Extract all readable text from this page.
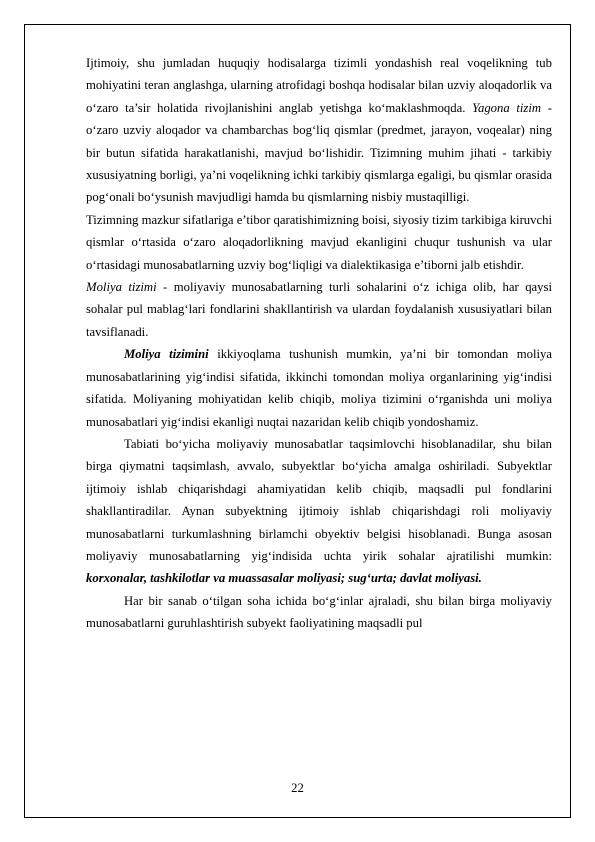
Ijtimoiy, shu jumladan huquqiy hodisalarga tizimli yondashish real voqelikning tub mohiyatini teran anglashga, ularning atrofidagi boshqa hodisalar bilan uzviy aloqadorlik va o‘zaro ta’sir holatida rivojlanishini anglab yetishga ko‘maklashmoqda. Yagona tizim - o‘zaro uzviy aloqador va chambarchas bog‘liq qismlar (predmet, jarayon, voqealar) ning bir butun sifatida harakatlanishi, mavjud bo‘lishidir. Tizimning muhim jihati - tarkibiy xususiyatning borligi, ya’ni voqelikning ichki tarkibiy qismlarga egaligi, bu qismlar orasida pog‘onali bo‘ysunish mavjudligi hamda bu qismlarning nisbiy mustaqilligi.

Tizimning mazkur sifatlariga e’tibor qaratishimizning boisi, siyosiy tizim tarkibiga kiruvchi qismlar o‘rtasida o‘zaro aloqadorlikning mavjud ekanligini chuqur tushunish va ular o‘rtasidagi munosabatlarning uzviy bog‘liqligi va dialektikasiga e’tiborni jalb etishdir.

Moliya tizimi - moliyaviy munosabatlarning turli sohalarini o‘z ichiga olib, har qaysi sohalar pul mablag‘lari fondlarini shakllantirish va ulardan foydalanish xususiyatlari bilan tavsiflanadi.

Moliya tizimini ikkiyoqlama tushunish mumkin, ya’ni bir tomondan moliya munosabatlarining yig‘indisi sifatida, ikkinchi tomondan moliya organlarining yig‘indisi sifatida. Moliyaning mohiyatidan kelib chiqib, moliya tizimini o‘rganishda uni moliya munosabatlari yig‘indisi ekanligi nuqtai nazaridan kelib chiqib yondoshamiz.

Tabiati bo‘yicha moliyaviy munosabatlar taqsimlovchi hisoblanadilar, shu bilan birga qiymatni taqsimlash, avvalo, subyektlar bo‘yicha amalga oshiriladi. Subyektlar ijtimoiy ishlab chiqarishdagi ahamiyatidan kelib chiqib, maqsadli pul fondlarini shakllantiradilar. Aynan subyektning ijtimoiy ishlab chiqarishdagi roli moliyaviy munosabatlarni turkumlashning birlamchi obyektiv belgisi hisoblanadi. Bunga asosan moliyaviy munosabatlarning yig‘indisida uchta yirik sohalar ajratilishi mumkin: korxonalar, tashkilotlar va muassasalar moliyasi; sug‘urta; davlat moliyasi.

Har bir sanab o‘tilgan soha ichida bo‘g‘inlar ajraladi, shu bilan birga moliyaviy munosabatlarni guruhlashtirish subyekt faoliyatining maqsadli pul

22
